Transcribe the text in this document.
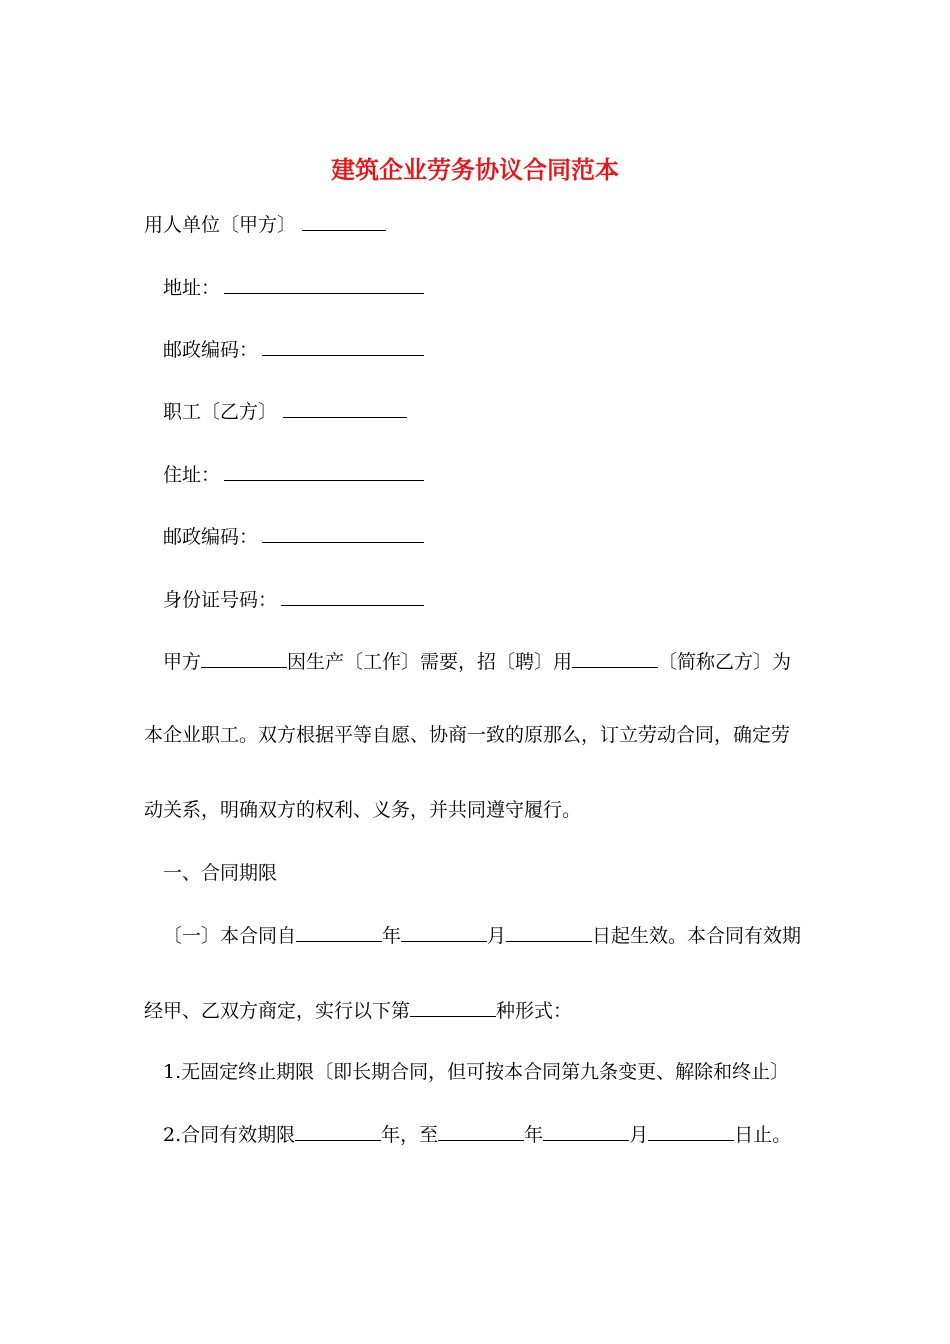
建筑企业劳务协议合同范本
用人单位〔甲方〕
地址：
邮政编码：
职工〔乙方〕
住址：
邮政编码：
身份证号码：
甲方	因生产〔工作〕需要，招〔聘〕用	〔简称乙方〕为
本企业职工。双方根据平等自愿、协商一致的原那么，订立劳动合同，确定劳
动关系，明确双方的权利、义务，并共同遵守履行。
一、合同期限
〔一〕本合同自	年	月	日起生效。本合同有效期
经甲、乙双方商定，实行以下第	种形式：
1.无固定终止期限〔即长期合同，但可按本合同第九条变更、解除和终止〕
2.合同有效期限	年，至	年	月	日止。
